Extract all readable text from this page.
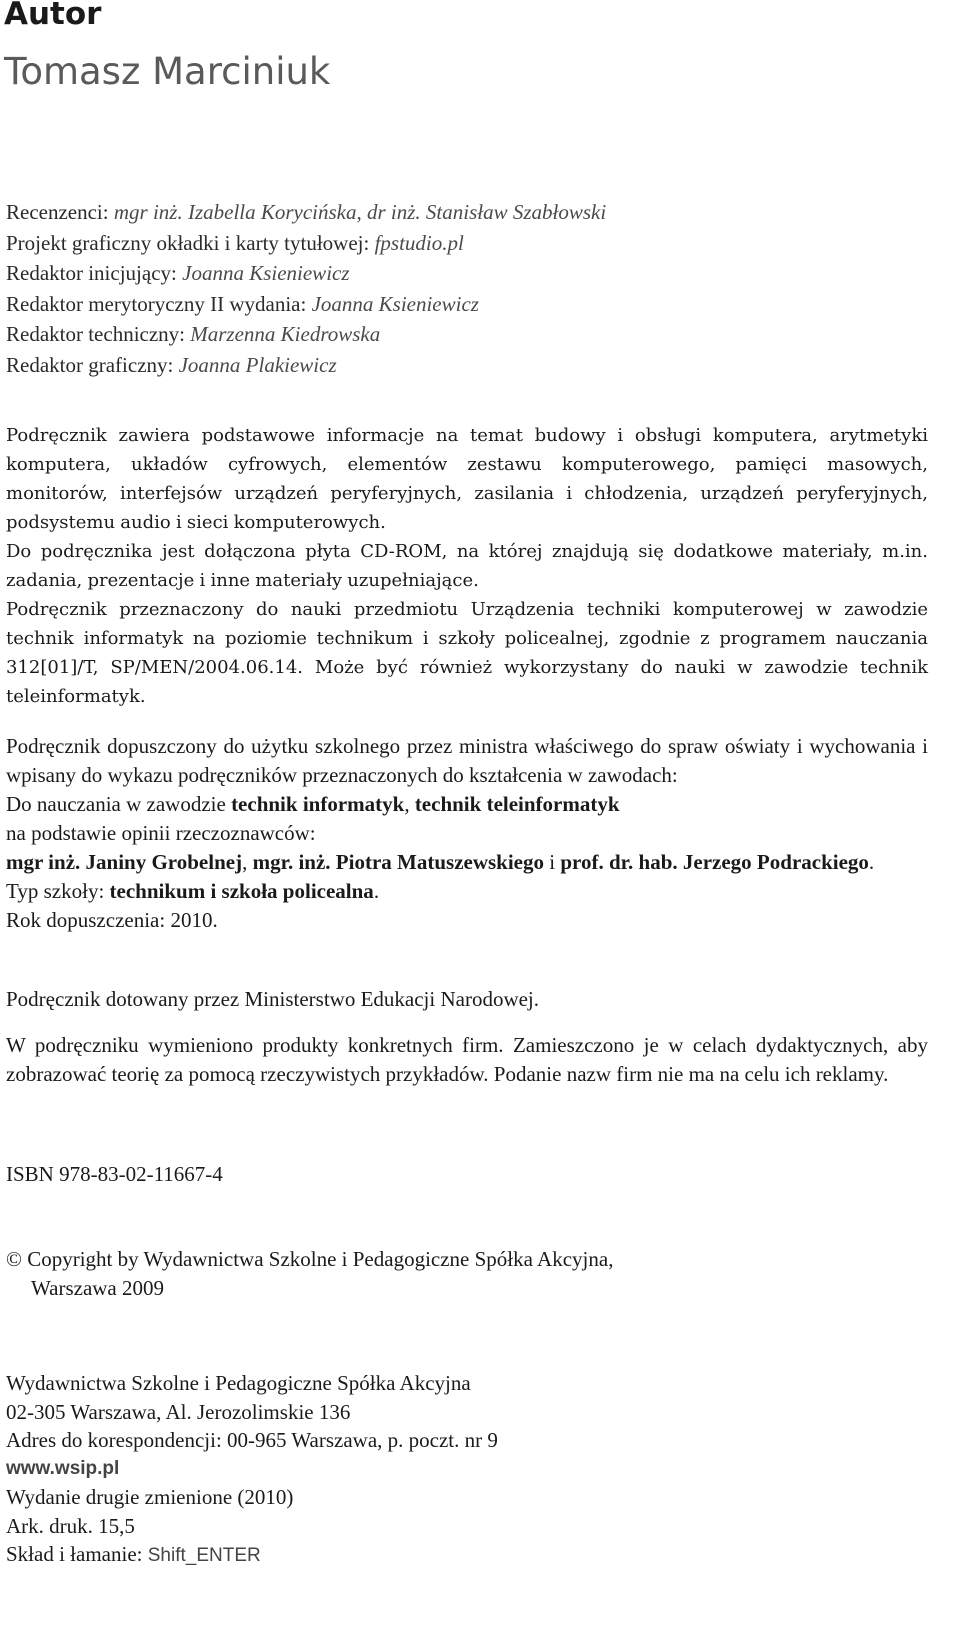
Autor
Tomasz Marciniuk
Recenzenci: mgr inż. Izabella Korycińska, dr inż. Stanisław Szabłowski
Projekt graficzny okładki i karty tytułowej: fpstudio.pl
Redaktor inicjujący: Joanna Ksieniewicz
Redaktor merytoryczny II wydania: Joanna Ksieniewicz
Redaktor techniczny: Marzenna Kiedrowska
Redaktor graficzny: Joanna Plakiewicz

Podręcznik zawiera podstawowe informacje na temat budowy i obsługi komputera, arytmetyki komputera, układów cyfrowych, elementów zestawu komputerowego, pamięci masowych, monitorów, interfejsów urządzeń peryferyjnych, zasilania i chłodzenia, urządzeń peryferyjnych, podsystemu audio i sieci komputerowych.

Do podręcznika jest dołączona płyta CD-ROM, na której znajdują się dodatkowe materiały, m.in. zadania, prezentacje i inne materiały uzupełniające.

Podręcznik przeznaczony do nauki przedmiotu Urządzenia techniki komputerowej w zawodzie technik informatyk na poziomie technikum i szkoły policealnej, zgodnie z programem nauczania 312[01]/T, SP/MEN/2004.06.14. Może być również wykorzystany do nauki w zawodzie technik teleinformatyk.

Podręcznik dopuszczony do użytku szkolnego przez ministra właściwego do spraw oświaty i wychowania i wpisany do wykazu podręczników przeznaczonych do kształcenia w zawodach:

Do nauczania w zawodzie technik informatyk, technik teleinformatyk

na podstawie opinii rzeczoznawców:

mgr inż. Janiny Grobelnej, mgr. inż. Piotra Matuszewskiego i prof. dr. hab. Jerzego Podrackiego.

Typ szkoły: technikum i szkoła policealna.

Rok dopuszczenia: 2010.

Podręcznik dotowany przez Ministerstwo Edukacji Narodowej.
W podręczniku wymieniono produkty konkretnych firm. Zamieszczono je w celach dydaktycznych, aby zobrazować teorię za pomocą rzeczywistych przykładów. Podanie nazw firm nie ma na celu ich reklamy.
ISBN 978-83-02-11667-4
© Copyright by Wydawnictwa Szkolne i Pedagogiczne Spółka Akcyjna,
Warszawa 2009
Wydawnictwa Szkolne i Pedagogiczne Spółka Akcyjna
02-305 Warszawa, Al. Jerozolimskie 136
Adres do korespondencji: 00-965 Warszawa, p. poczt. nr 9
www.wsip.pl
Wydanie drugie zmienione (2010)
Ark. druk. 15,5
Skład i łamanie: Shift_ENTER
